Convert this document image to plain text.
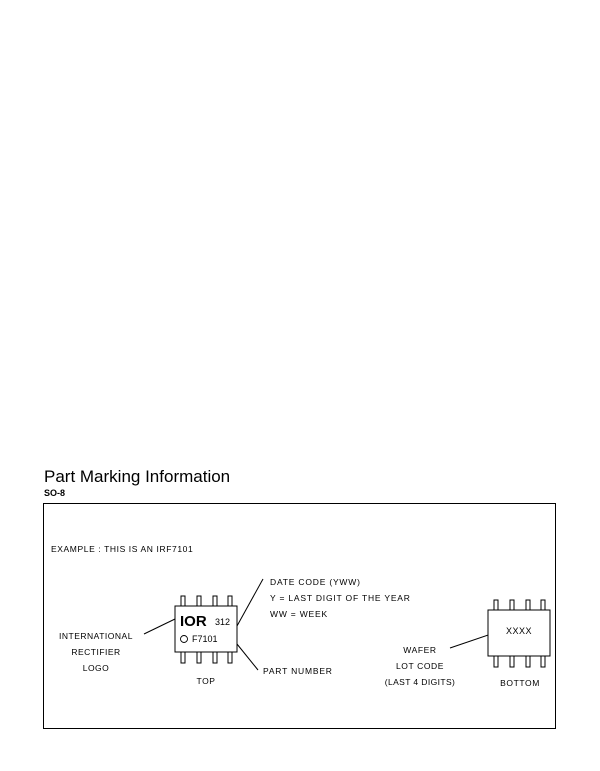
Part Marking Information
SO-8
EXAMPLE : THIS IS AN IRF7101
DATE CODE (YWW)
Y = LAST DIGIT OF THE YEAR
WW = WEEK
INTERNATIONAL
RECTIFIER
LOGO
IOR 312
F7101
TOP
PART NUMBER
WAFER
LOT CODE
(LAST 4 DIGITS)
XXXX
BOTTOM
